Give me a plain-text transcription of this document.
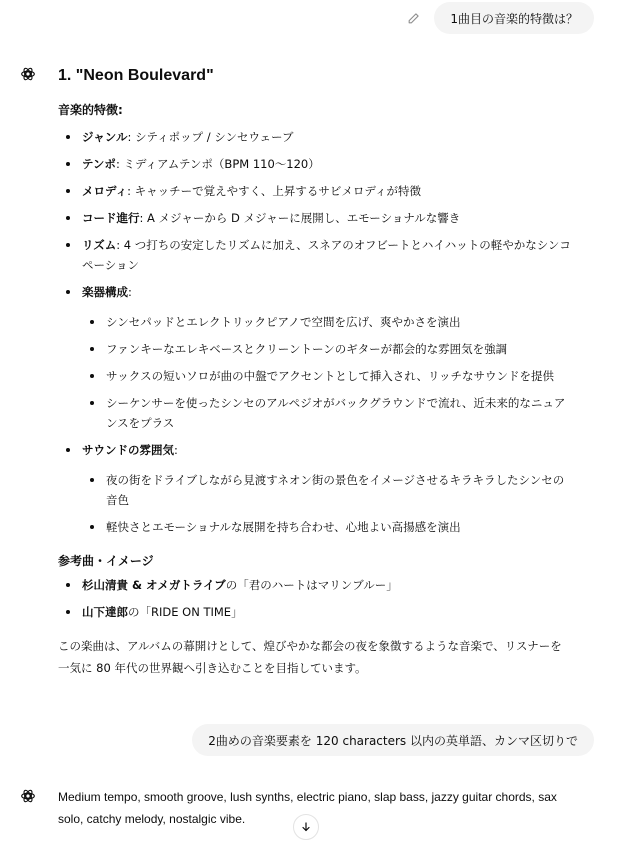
1曲目の音楽的特徴は？
1. "Neon Boulevard"
音楽的特徴:
ジャンル: シティポップ / シンセウェーブ
テンポ: ミディアムテンポ（BPM 110〜120）
メロディ: キャッチーで覚えやすく、上昇するサビメロディが特徴
コード進行: A メジャーから D メジャーに展開し、エモーショナルな響き
リズム: 4 つ打ちの安定したリズムに加え、スネアのオフビートとハイハットの軽やかなシンコ
ペーション
楽器構成:
シンセパッドとエレクトリックピアノで空間を広げ、爽やかさを演出
ファンキーなエレキベースとクリーントーンのギターが都会的な雰囲気を強調
サックスの短いソロが曲の中盤でアクセントとして挿入され、リッチなサウンドを提供
シーケンサーを使ったシンセのアルペジオがバックグラウンドで流れ、近未来的なニュア
ンスをプラス
サウンドの雰囲気:
夜の街をドライブしながら見渡すネオン街の景色をイメージさせるキラキラしたシンセの
音色
軽快さとエモーショナルな展開を持ち合わせ、心地よい高揚感を演出
参考曲・イメージ
杉山清貴 & オメガトライブの「君のハートはマリンブルー」
山下達郎の「RIDE ON TIME」

この楽曲は、アルバムの幕開けとして、煌びやかな都会の夜を象徴するような音楽で、リスナーを
一気に 80 年代の世界観へ引き込むことを目指しています。

2曲めの音楽要素を 120 characters 以内の英単語、カンマ区切りで

Medium tempo, smooth groove, lush synths, electric piano, slap bass, jazzy guitar chords, sax
solo, catchy melody, nostalgic vibe.
